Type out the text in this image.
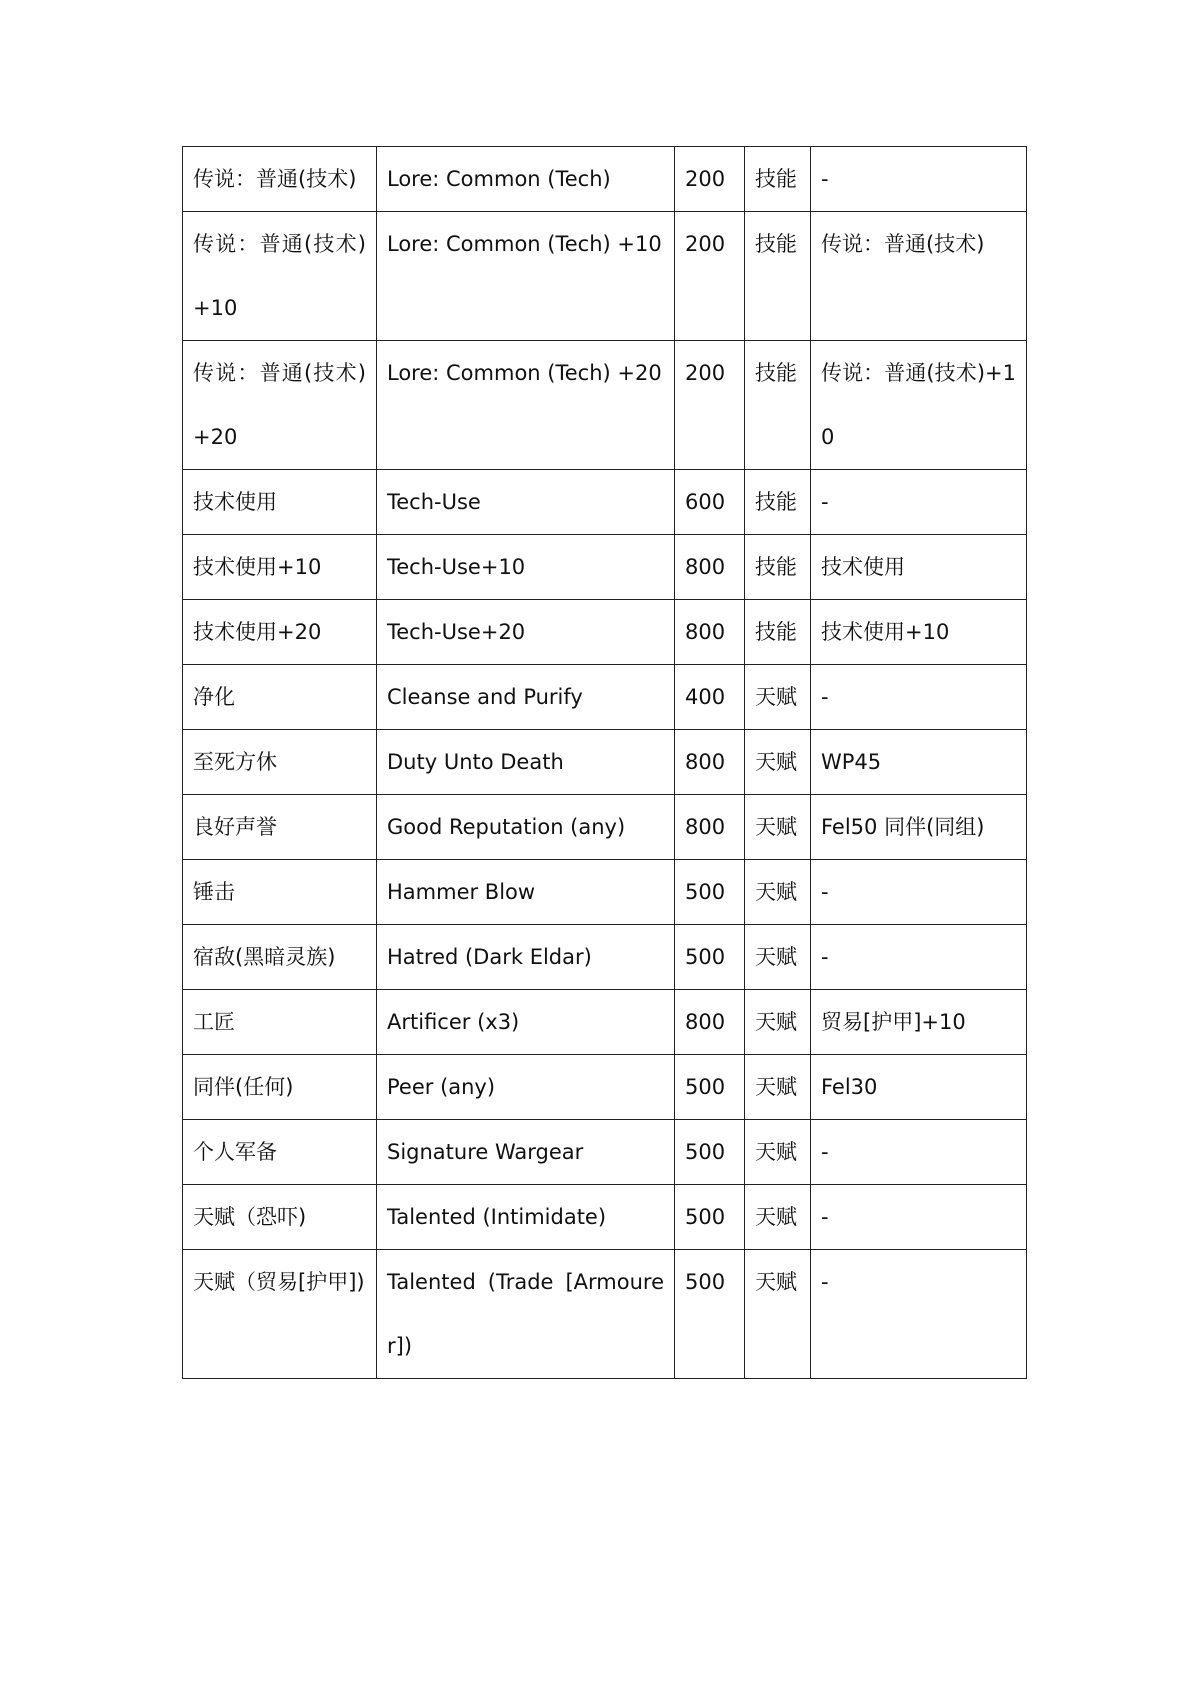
传说：普通(技术)	Lore: Common (Tech)	200	技能	-

传说：普通(技术)+10	Lore: Common (Tech) +10	200	技能	传说：普通(技术)

传说：普通(技术)+20	Lore: Common (Tech) +20	200	技能	传说：普通(技术)+10

技术使用	Tech-Use	600	技能	-

技术使用+10	Tech-Use+10	800	技能	技术使用

技术使用+20	Tech-Use+20	800	技能	技术使用+10

净化	Cleanse and Purify	400	天赋	-

至死方休	Duty Unto Death	800	天赋	WP45

良好声誉	Good Reputation (any)	800	天赋	Fel50 同伴(同组)

锤击	Hammer Blow	500	天赋	-

宿敌(黑暗灵族)	Hatred (Dark Eldar)	500	天赋	-

工匠	Artificer (x3)	800	天赋	贸易[护甲]+10

同伴(任何)	Peer (any)	500	天赋	Fel30

个人军备	Signature Wargear	500	天赋	-

天赋（恐吓)	Talented (Intimidate)	500	天赋	-

天赋（贸易[护甲])	Talented (Trade [Armourer])	500	天赋	-
